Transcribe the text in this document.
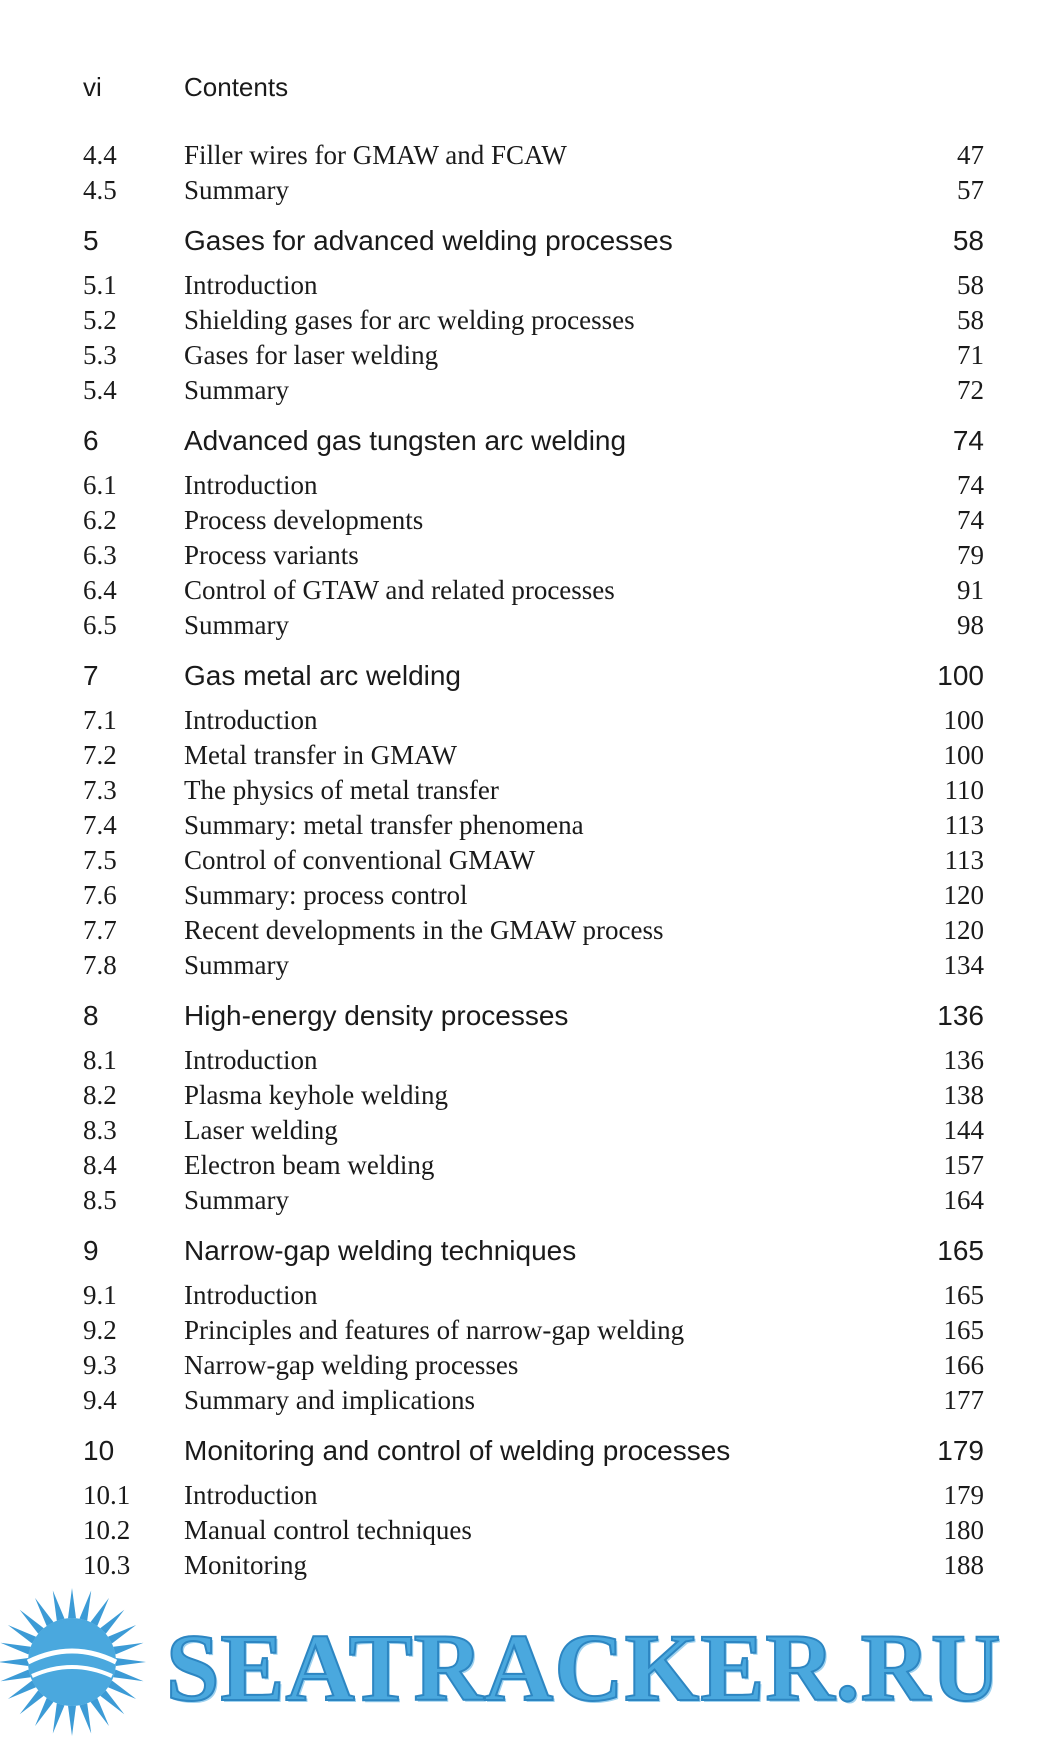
vi	Contents
4.4 Filler wires for GMAW and FCAW	47
4.5 Summary	57
5	Gases for advanced welding processes	58
5.1 Introduction	58
5.2 Shielding gases for arc welding processes	58
5.3 Gases for laser welding	71
5.4 Summary	72
6	Advanced gas tungsten arc welding	74
6.1 Introduction	74
6.2 Process developments	74
6.3 Process variants	79
6.4 Control of GTAW and related processes	91
6.5 Summary	98
7	Gas metal arc welding	100
7.1 Introduction	100
7.2 Metal transfer in GMAW	100
7.3 The physics of metal transfer	110
7.4 Summary: metal transfer phenomena	113
7.5 Control of conventional GMAW	113
7.6 Summary: process control	120
7.7 Recent developments in the GMAW process	120
7.8 Summary	134
8	High-energy density processes	136
8.1 Introduction	136
8.2 Plasma keyhole welding	138
8.3 Laser welding	144
8.4 Electron beam welding	157
8.5 Summary	164
9	Narrow-gap welding techniques	165
9.1 Introduction	165
9.2 Principles and features of narrow-gap welding	165
9.3 Narrow-gap welding processes	166
9.4 Summary and implications	177
10 Monitoring and control of welding processes	179
10.1 Introduction	179
10.2 Manual control techniques	180
10.3 Monitoring	188
SEATRACKER.RU
